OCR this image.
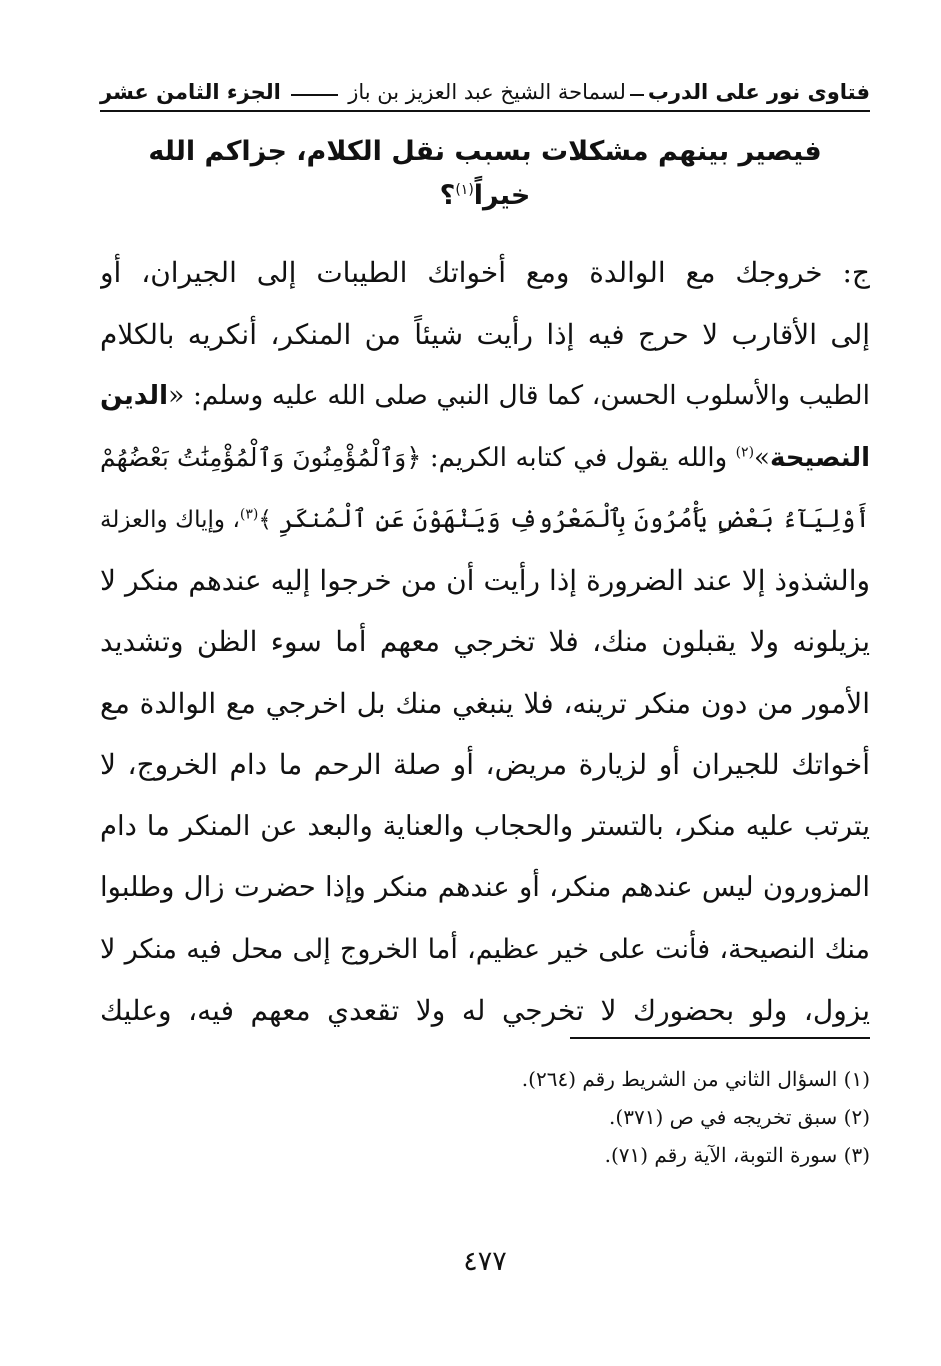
فتاوى نور على الدرب
لسماحة الشيخ عبد العزيز بن باز
الجزء الثامن عشر
فيصير بينهم مشكلات بسبب نقل الكلام، جزاكم الله خيراً$^{(١)}$؟
ج: خروجك مع الوالدة ومع أخواتك الطيبات إلى الجيران، أو
إلى الأقارب لا حرج فيه إذا رأيت شيئاً من المنكر، أنكريه بالكلام
الطيب والأسلوب الحسن، كما قال النبي صلى الله عليه وسلم: «الدين
النصيحة»$^{(٢)}$ والله يقول في كتابه الكريم: ﴿وَٱلْمُؤْمِنُونَ وَٱلْمُؤْمِنَٰتُ بَعْضُهُمْ
أَوْلِيَآءُ بَعْضٍ يَأْمُرُونَ بِٱلْمَعْرُوفِ وَيَنْهَوْنَ عَنِ ٱلْمُنكَرِ ﴾$^{(٣)}$، وإياك والعزلة
والشذوذ إلا عند الضرورة إذا رأيت أن من خرجوا إليه عندهم منكر لا
يزيلونه ولا يقبلون منك، فلا تخرجي معهم أما سوء الظن وتشديد
الأمور من دون منكر ترينه، فلا ينبغي منك بل اخرجي مع الوالدة مع
أخواتك للجيران أو لزيارة مريض، أو صلة الرحم ما دام الخروج، لا
يترتب عليه منكر، بالتستر والحجاب والعناية والبعد عن المنكر ما دام
المزورون ليس عندهم منكر، أو عندهم منكر وإذا حضرت زال وطلبوا
منك النصيحة، فأنت على خير عظيم، أما الخروج إلى محل فيه منكر لا
يزول، ولو بحضورك لا تخرجي له ولا تقعدي معهم فيه، وعليك
(١) السؤال الثاني من الشريط رقم (٢٦٤).
(٢) سبق تخريجه في ص (٣٧١).
(٣) سورة التوبة، الآية رقم (٧١).
٤٧٧
